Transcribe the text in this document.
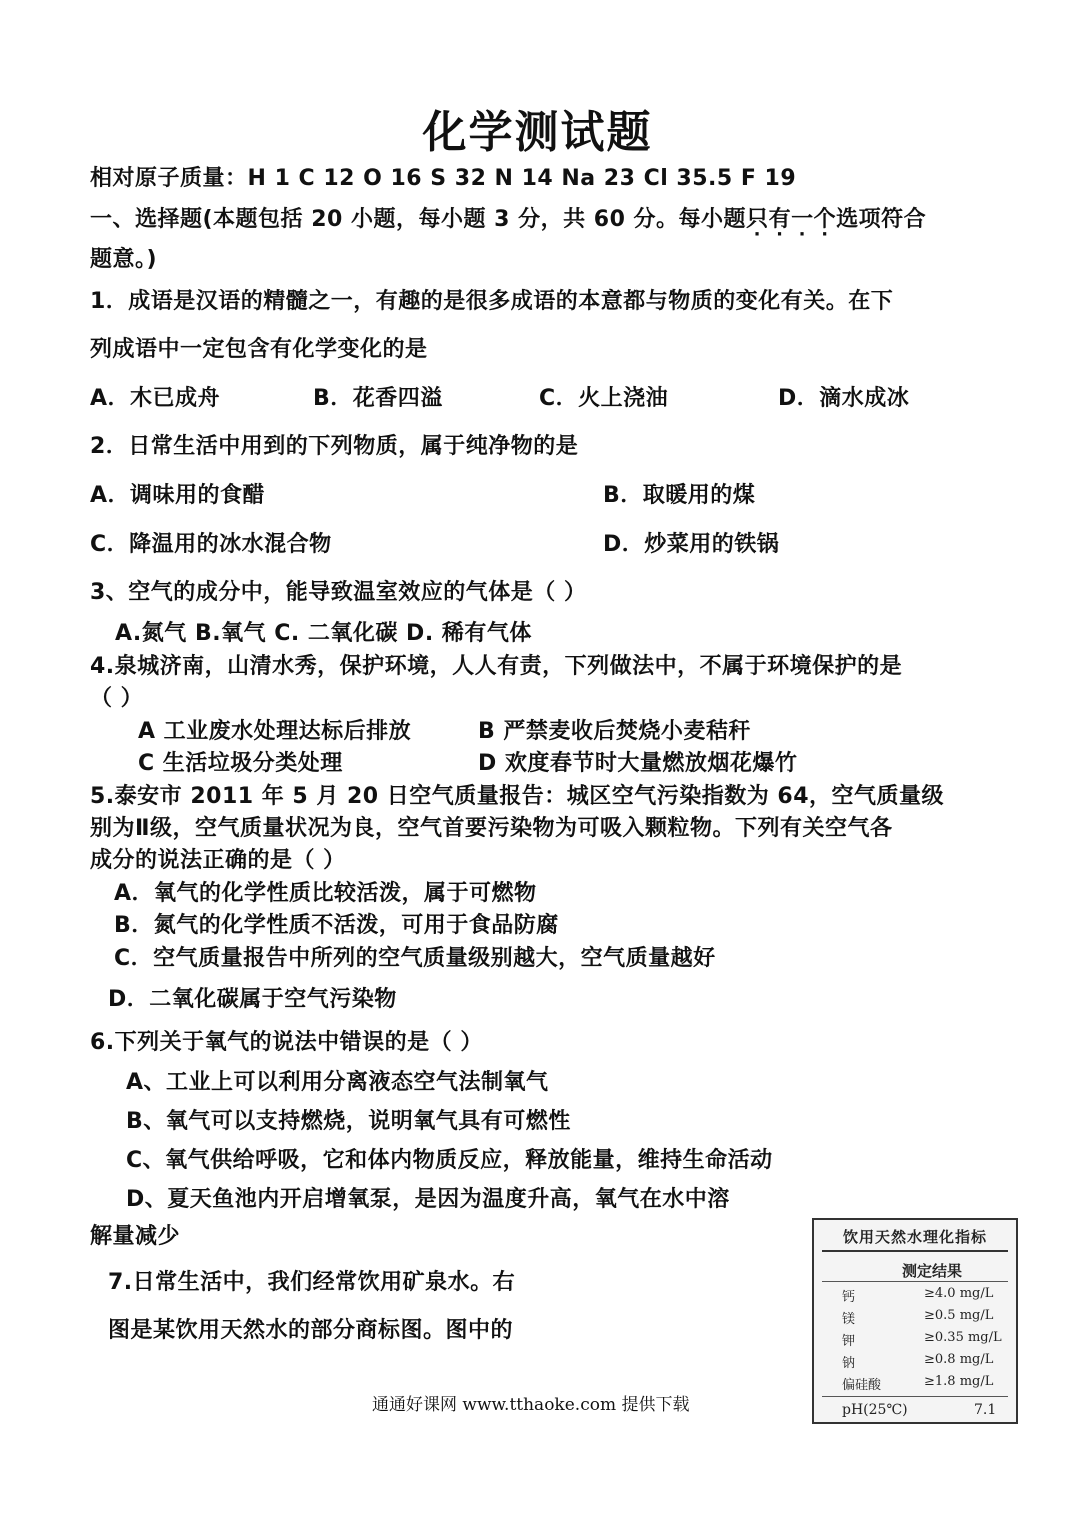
化学测试题
相对原子质量：H 1 C 12 O 16 S 32 N 14 Na 23 Cl 35.5 F 19
一、选择题(本题包括 20 小题，每小题 3 分，共 60 分。每小题只有一个选项符合
题意。)
1．成语是汉语的精髓之一，有趣的是很多成语的本意都与物质的变化有关。在下
列成语中一定包含有化学变化的是
A．木已成舟	B．花香四溢	C．火上浇油	D．滴水成冰
2．日常生活中用到的下列物质，属于纯净物的是
A．调味用的食醋	B．取暖用的煤
C．降温用的冰水混合物	D．炒菜用的铁锅
3、空气的成分中，能导致温室效应的气体是（ ）
A.氮气 B.氧气 C. 二氧化碳 D. 稀有气体
4.泉城济南，山清水秀，保护环境，人人有责，下列做法中，不属于环境保护的是
（ ）
A 工业废水处理达标后排放	B 严禁麦收后焚烧小麦秸秆
C 生活垃圾分类处理	D 欢度春节时大量燃放烟花爆竹
5.泰安市 2011 年 5 月 20 日空气质量报告：城区空气污染指数为 64，空气质量级
别为Ⅱ级，空气质量状况为良，空气首要污染物为可吸入颗粒物。下列有关空气各
成分的说法正确的是（ ）
A．氧气的化学性质比较活泼，属于可燃物
B．氮气的化学性质不活泼，可用于食品防腐
C．空气质量报告中所列的空气质量级别越大，空气质量越好
D．二氧化碳属于空气污染物
6.下列关于氧气的说法中错误的是（ ）
A、工业上可以利用分离液态空气法制氧气
B、氧气可以支持燃烧，说明氧气具有可燃性
C、氧气供给呼吸，它和体内物质反应，释放能量，维持生命活动
D、夏天鱼池内开启增氧泵，是因为温度升高，氧气在水中溶
解量减少
7.日常生活中，我们经常饮用矿泉水。右
图是某饮用天然水的部分商标图。图中的
饮用天然水理化指标
测定结果
钙	≥4.0 mg/L
镁	≥0.5 mg/L
钾	≥0.35 mg/L
钠	≥0.8 mg/L
偏硅酸	≥1.8 mg/L
pH(25℃)	7.1
通通好课网 www.tthaoke.com 提供下载
